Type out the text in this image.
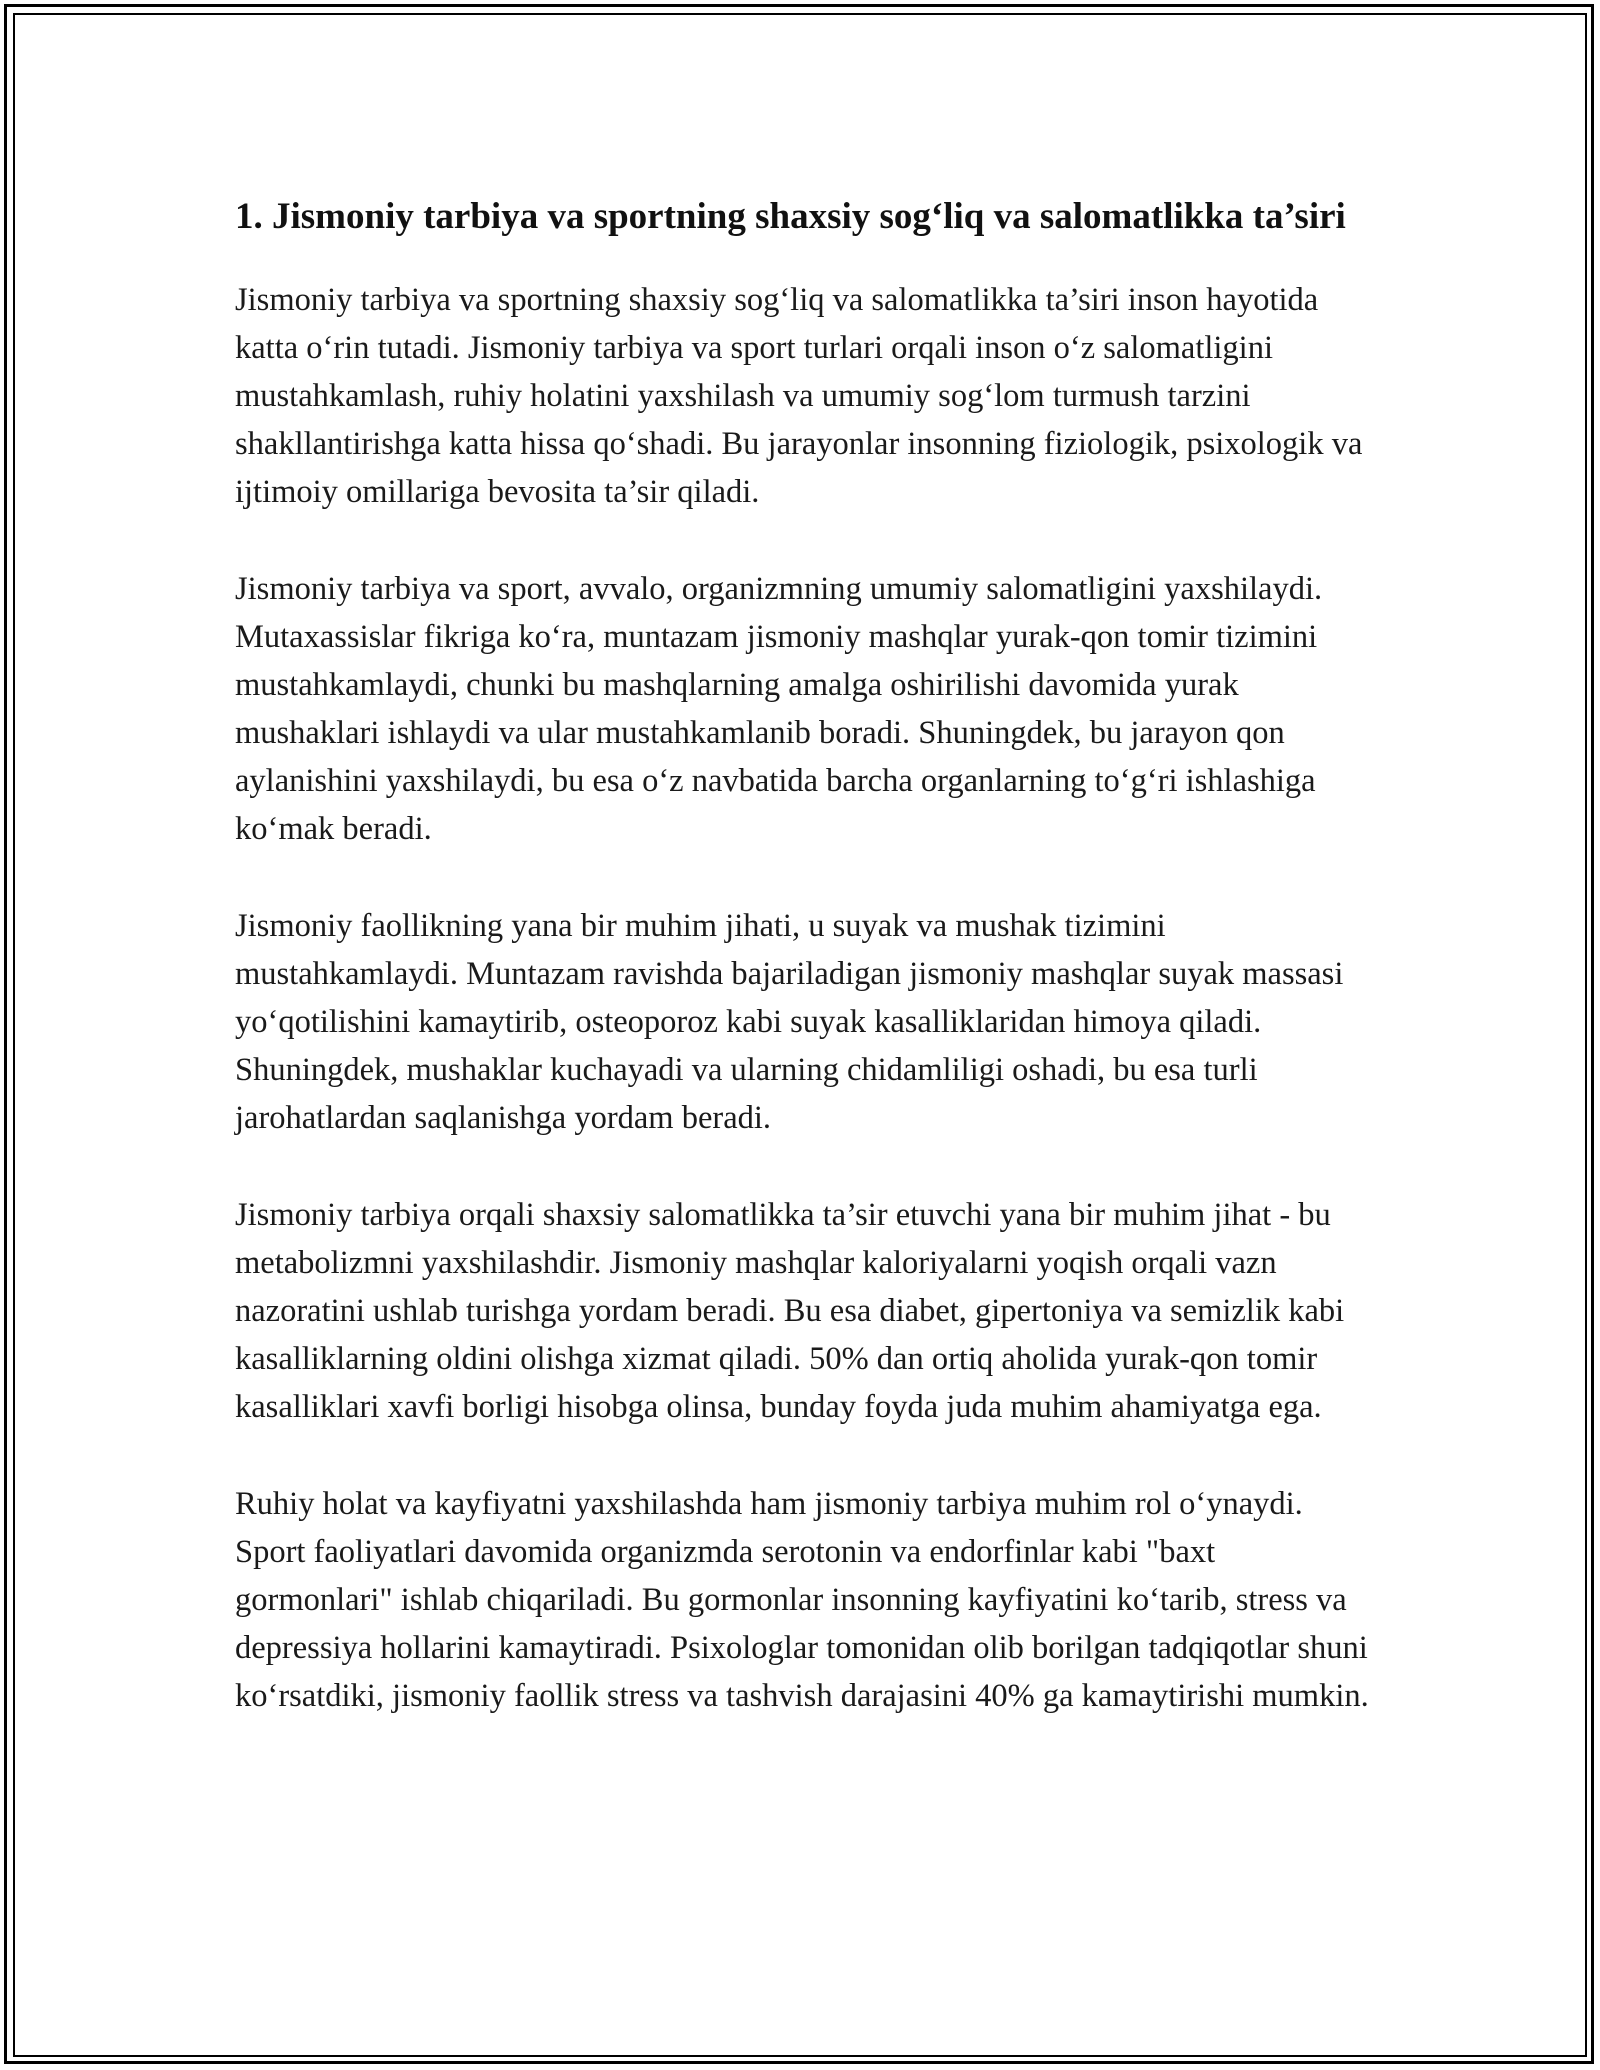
1. Jismoniy tarbiya va sportning shaxsiy sog‘liq va salomatlikka ta’siri

Jismoniy tarbiya va sportning shaxsiy sog‘liq va salomatlikka ta’siri inson hayotida katta o‘rin tutadi. Jismoniy tarbiya va sport turlari orqali inson o‘z salomatligini mustahkamlash, ruhiy holatini yaxshilash va umumiy sog‘lom turmush tarzini shakllantirishga katta hissa qo‘shadi. Bu jarayonlar insonning fiziologik, psixologik va ijtimoiy omillariga bevosita ta’sir qiladi.

Jismoniy tarbiya va sport, avvalo, organizmning umumiy salomatligini yaxshilaydi. Mutaxassislar fikriga ko‘ra, muntazam jismoniy mashqlar yurak-qon tomir tizimini mustahkamlaydi, chunki bu mashqlarning amalga oshirilishi davomida yurak mushaklari ishlaydi va ular mustahkamlanib boradi. Shuningdek, bu jarayon qon aylanishini yaxshilaydi, bu esa o‘z navbatida barcha organlarning to‘g‘ri ishlashiga ko‘mak beradi.

Jismoniy faollikning yana bir muhim jihati, u suyak va mushak tizimini mustahkamlaydi. Muntazam ravishda bajariladigan jismoniy mashqlar suyak massasi yo‘qotilishini kamaytirib, osteoporoz kabi suyak kasalliklaridan himoya qiladi. Shuningdek, mushaklar kuchayadi va ularning chidamliligi oshadi, bu esa turli jarohatlardan saqlanishga yordam beradi.

Jismoniy tarbiya orqali shaxsiy salomatlikka ta’sir etuvchi yana bir muhim jihat - bu metabolizmni yaxshilashdir. Jismoniy mashqlar kaloriyalarni yoqish orqali vazn nazoratini ushlab turishga yordam beradi. Bu esa diabet, gipertoniya va semizlik kabi kasalliklarning oldini olishga xizmat qiladi. 50% dan ortiq aholida yurak-qon tomir kasalliklari xavfi borligi hisobga olinsa, bunday foyda juda muhim ahamiyatga ega.

Ruhiy holat va kayfiyatni yaxshilashda ham jismoniy tarbiya muhim rol o‘ynaydi. Sport faoliyatlari davomida organizmda serotonin va endorfinlar kabi "baxt gormonlari" ishlab chiqariladi. Bu gormonlar insonning kayfiyatini ko‘tarib, stress va depressiya hollarini kamaytiradi. Psixologlar tomonidan olib borilgan tadqiqotlar shuni ko‘rsatdiki, jismoniy faollik stress va tashvish darajasini 40% ga kamaytirishi mumkin.
